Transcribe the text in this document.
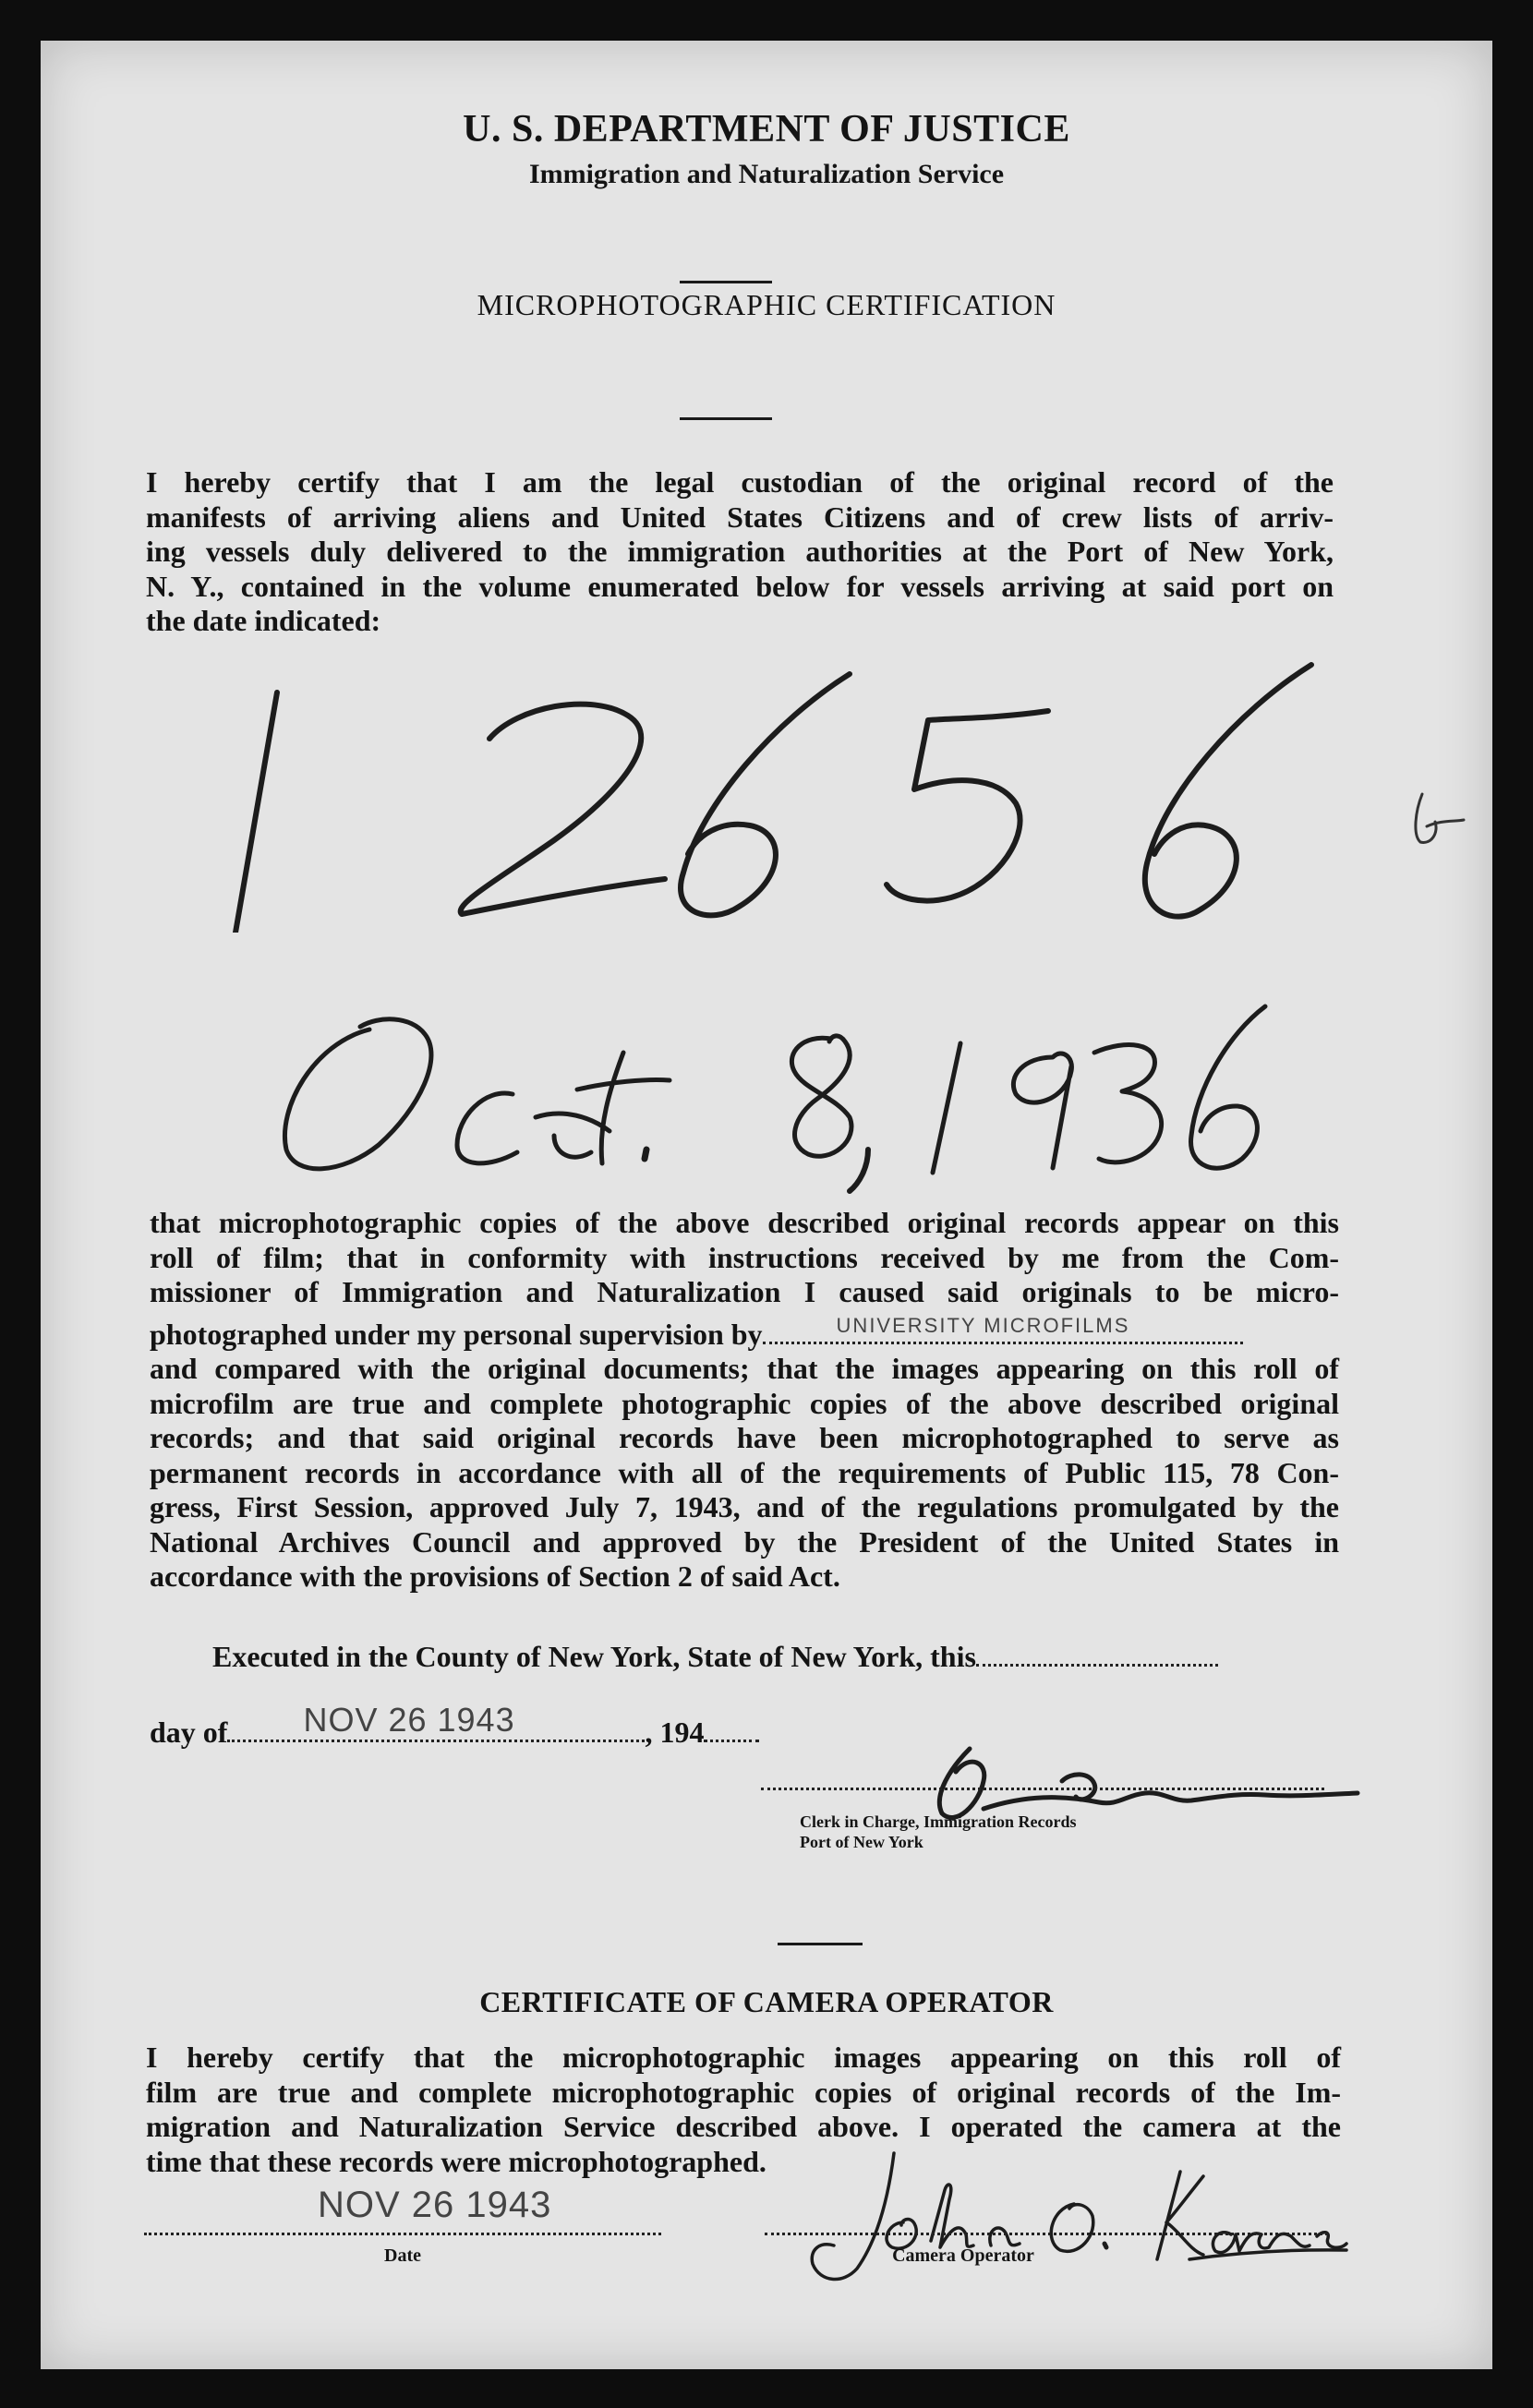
U. S. DEPARTMENT OF JUSTICE
Immigration and Naturalization Service
MICROPHOTOGRAPHIC CERTIFICATION
I hereby certify that I am the legal custodian of the original record of the
manifests of arriving aliens and United States Citizens and of crew lists of arriv-
ing vessels duly delivered to the immigration authorities at the Port of New York,
N. Y., contained in the volume enumerated below for vessels arriving at said port on
the date indicated:
that microphotographic copies of the above described original records appear on this
roll of film; that in conformity with instructions received by me from the Com-
missioner of Immigration and Naturalization I caused said originals to be micro-
photographed under my personal supervision by	UNIVERSITY MICROFILMS
and compared with the original documents; that the images appearing on this roll of
microfilm are true and complete photographic copies of the above described original
records; and that said original records have been microphotographed to serve as
permanent records in accordance with all of the requirements of Public 115, 78 Con-
gress, First Session, approved July 7, 1943, and of the regulations promulgated by the
National Archives Council and approved by the President of the United States in
accordance with the provisions of Section 2 of said Act.
Executed in the County of New York, State of New York, this
day of NOV 26 1943	, 194
Clerk in Charge, Immigration Records
Port of New York
CERTIFICATE OF CAMERA OPERATOR
I hereby certify that the microphotographic images appearing on this roll of
film are true and complete microphotographic copies of original records of the Im-
migration and Naturalization Service described above. I operated the camera at the
time that these records were microphotographed.
NOV 26 1943
Date	Camera Operator
